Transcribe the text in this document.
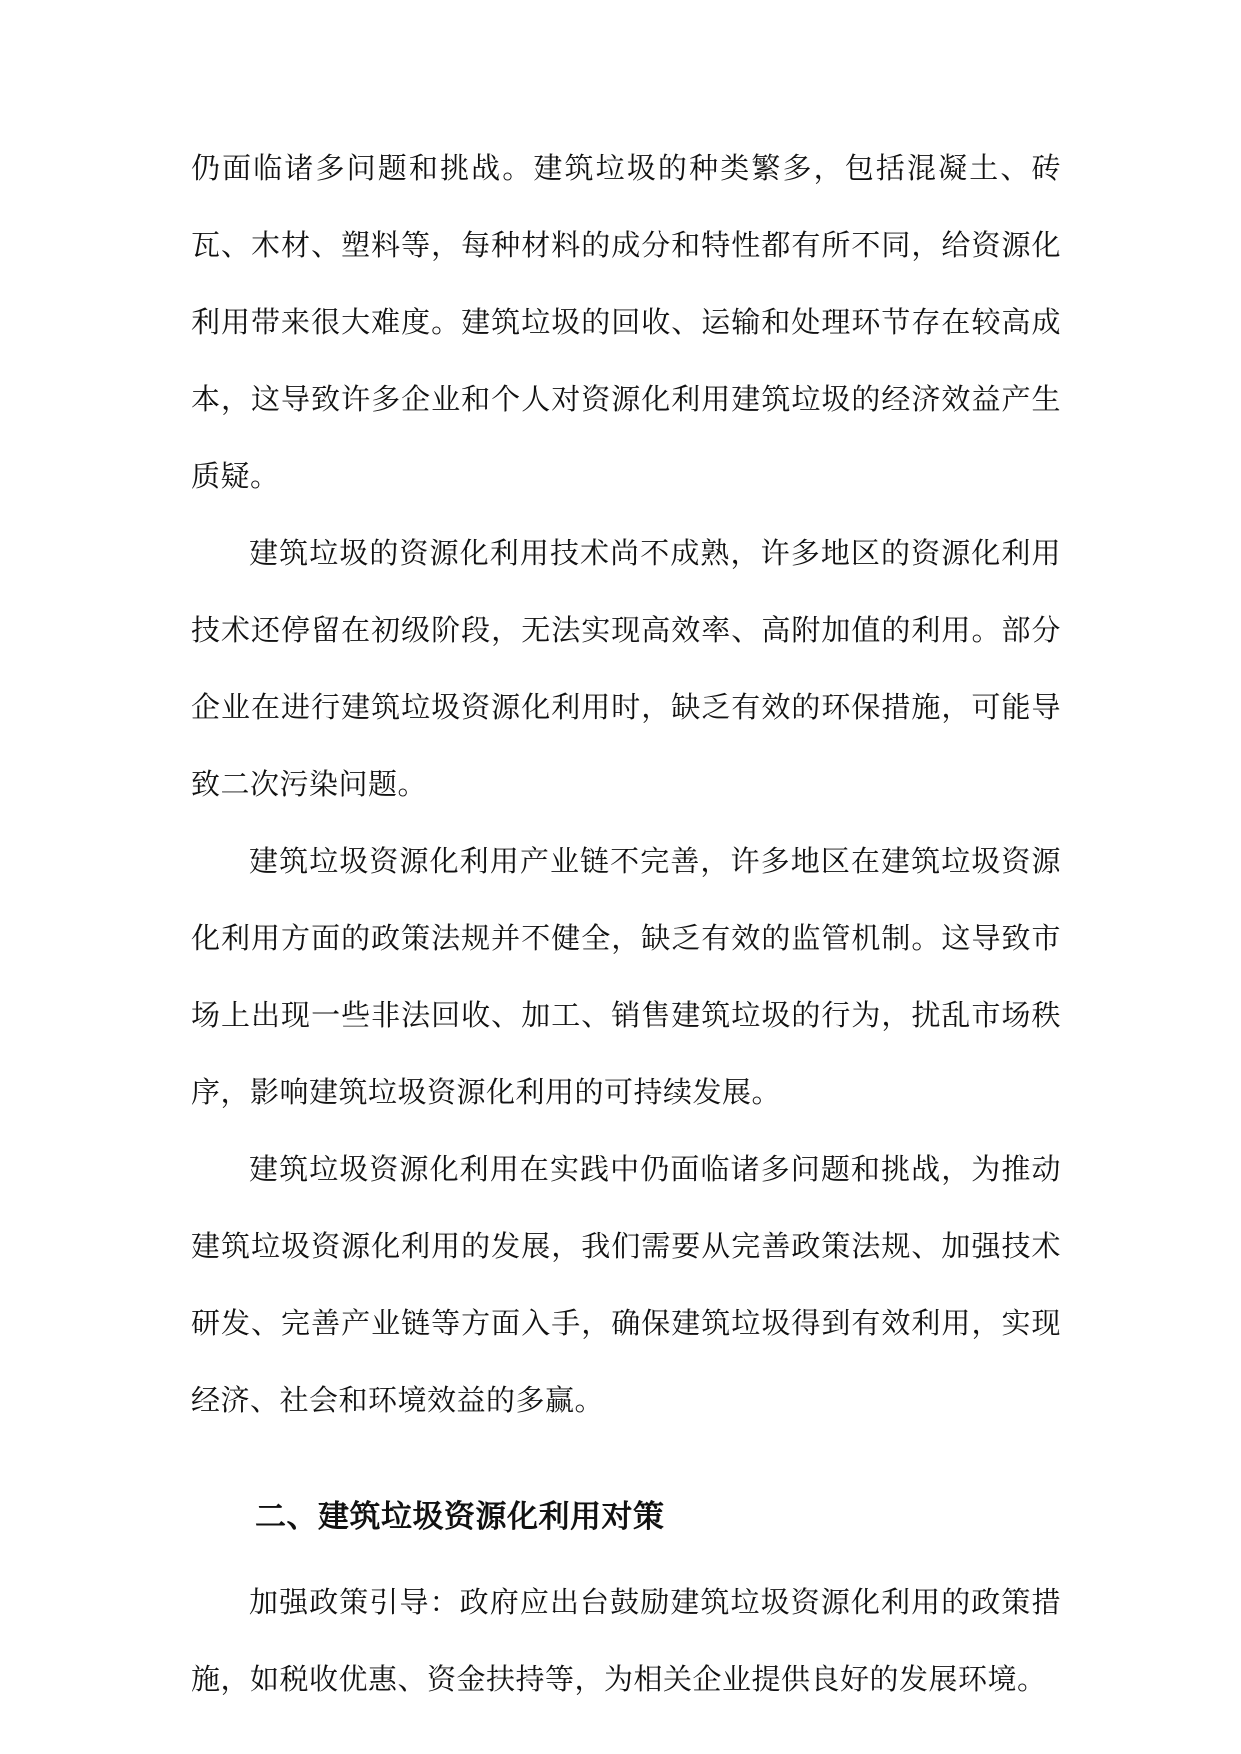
仍面临诸多问题和挑战。建筑垃圾的种类繁多，包括混凝土、砖瓦、木材、塑料等，每种材料的成分和特性都有所不同，给资源化利用带来很大难度。建筑垃圾的回收、运输和处理环节存在较高成本，这导致许多企业和个人对资源化利用建筑垃圾的经济效益产生质疑。

建筑垃圾的资源化利用技术尚不成熟，许多地区的资源化利用技术还停留在初级阶段，无法实现高效率、高附加值的利用。部分企业在进行建筑垃圾资源化利用时，缺乏有效的环保措施，可能导致二次污染问题。

建筑垃圾资源化利用产业链不完善，许多地区在建筑垃圾资源化利用方面的政策法规并不健全，缺乏有效的监管机制。这导致市场上出现一些非法回收、加工、销售建筑垃圾的行为，扰乱市场秩序，影响建筑垃圾资源化利用的可持续发展。

建筑垃圾资源化利用在实践中仍面临诸多问题和挑战，为推动建筑垃圾资源化利用的发展，我们需要从完善政策法规、加强技术研发、完善产业链等方面入手，确保建筑垃圾得到有效利用，实现经济、社会和环境效益的多赢。

二、建筑垃圾资源化利用对策

加强政策引导：政府应出台鼓励建筑垃圾资源化利用的政策措施，如税收优惠、资金扶持等，为相关企业提供良好的发展环境。
